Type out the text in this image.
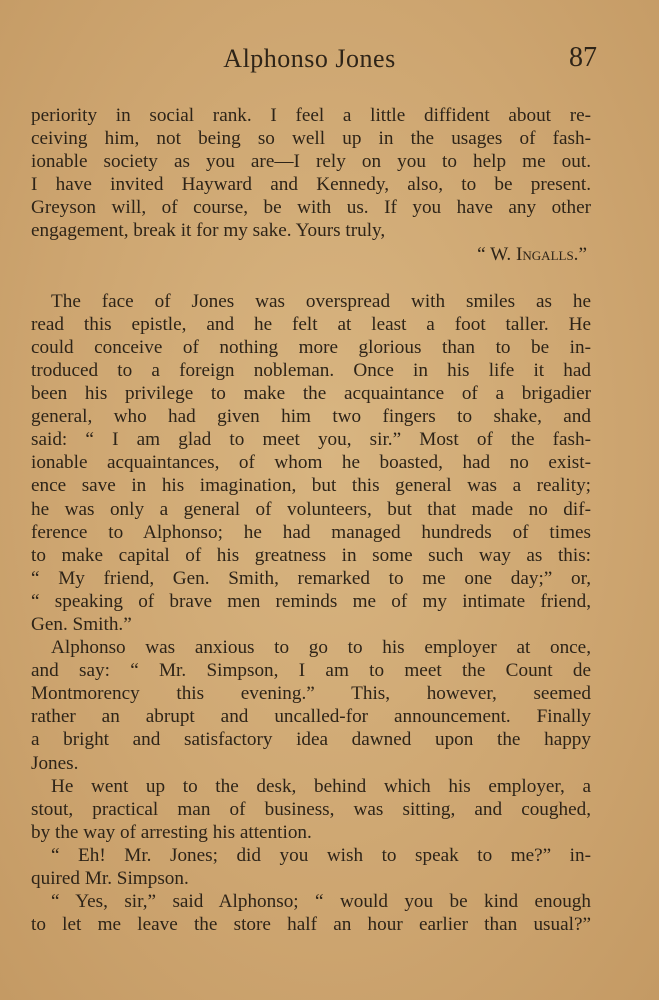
Alphonso Jones	87
periority in social rank. I feel a little diffident about re-
ceiving him, not being so well up in the usages of fash-
ionable society as you are—I rely on you to help me out.
I have invited Hayward and Kennedy, also, to be present.
Greyson will, of course, be with us. If you have any other
engagement, break it for my sake. Yours truly,
“ W. Ingalls.”
The face of Jones was overspread with smiles as he
read this epistle, and he felt at least a foot taller. He
could conceive of nothing more glorious than to be in-
troduced to a foreign nobleman. Once in his life it had
been his privilege to make the acquaintance of a brigadier
general, who had given him two fingers to shake, and
said: “ I am glad to meet you, sir.” Most of the fash-
ionable acquaintances, of whom he boasted, had no exist-
ence save in his imagination, but this general was a reality;
he was only a general of volunteers, but that made no dif-
ference to Alphonso; he had managed hundreds of times
to make capital of his greatness in some such way as this:
“ My friend, Gen. Smith, remarked to me one day;” or,
“ speaking of brave men reminds me of my intimate friend,
Gen. Smith.”
Alphonso was anxious to go to his employer at once,
and say: “ Mr. Simpson, I am to meet the Count de
Montmorency this evening.” This, however, seemed
rather an abrupt and uncalled-for announcement. Finally
a bright and satisfactory idea dawned upon the happy
Jones.
He went up to the desk, behind which his employer, a
stout, practical man of business, was sitting, and coughed,
by the way of arresting his attention.
“ Eh! Mr. Jones; did you wish to speak to me?” in-
quired Mr. Simpson.
“ Yes, sir,” said Alphonso; “ would you be kind enough
to let me leave the store half an hour earlier than usual?”
